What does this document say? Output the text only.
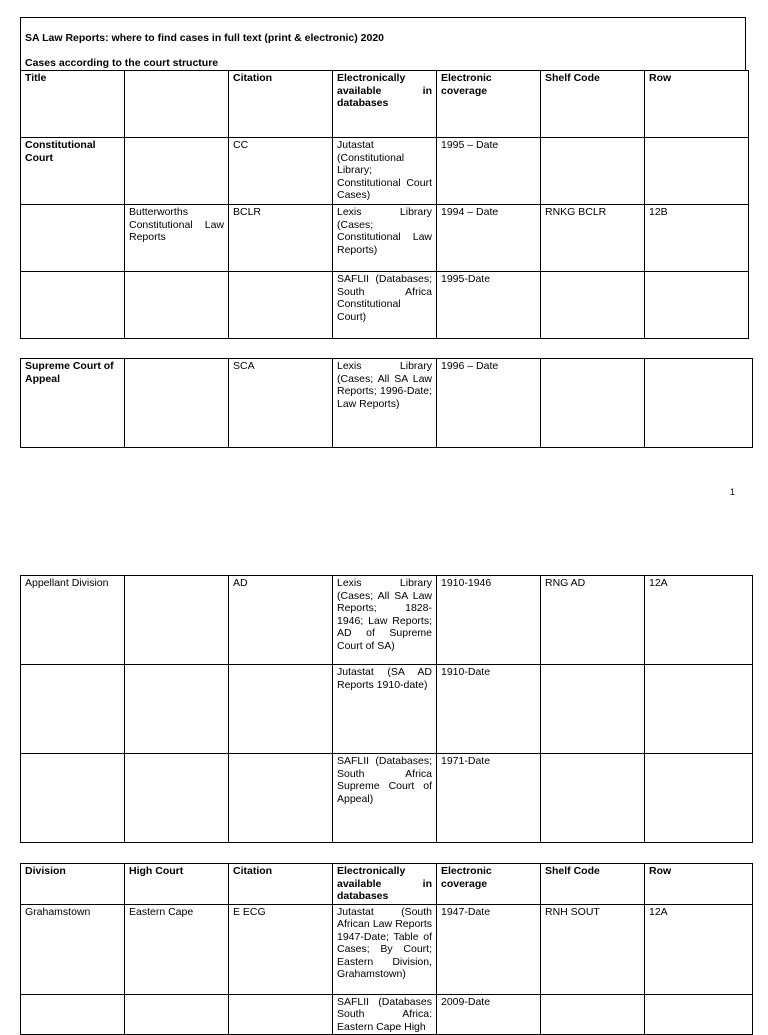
SA Law Reports: where to find cases in full text (print & electronic) 2020
Cases according to the court structure
Title		Citation	Electronically available in databases	Electronic coverage	Shelf Code	Row
Constitutional Court		CC	Jutastat (Constitutional Library; Constitutional Court Cases)	1995 – Date		
	Butterworths Constitutional Law Reports	BCLR	Lexis Library (Cases; Constitutional Law Reports)	1994 – Date	RNKG BCLR	12B
			SAFLII (Databases; South Africa Constitutional Court)	1995-Date		
Supreme Court of Appeal		SCA	Lexis Library (Cases; All SA Law Reports; 1996-Date; Law Reports)	1996 – Date		
1
Appellant Division		AD	Lexis Library (Cases; All SA Law Reports; 1828-1946; Law Reports; AD of Supreme Court of SA)	1910-1946	RNG AD	12A
			Jutastat (SA AD Reports 1910-date)	1910-Date		
			SAFLII (Databases; South Africa Supreme Court of Appeal)	1971-Date		
Division	High Court	Citation	Electronically available in databases	Electronic coverage	Shelf Code	Row
Grahamstown	Eastern Cape	E ECG	Jutastat (South African Law Reports 1947-Date; Table of Cases; By Court; Eastern Division, Grahamstown)	1947-Date	RNH SOUT	12A
			SAFLII (Databases South Africa: Eastern Cape High	2009-Date		
